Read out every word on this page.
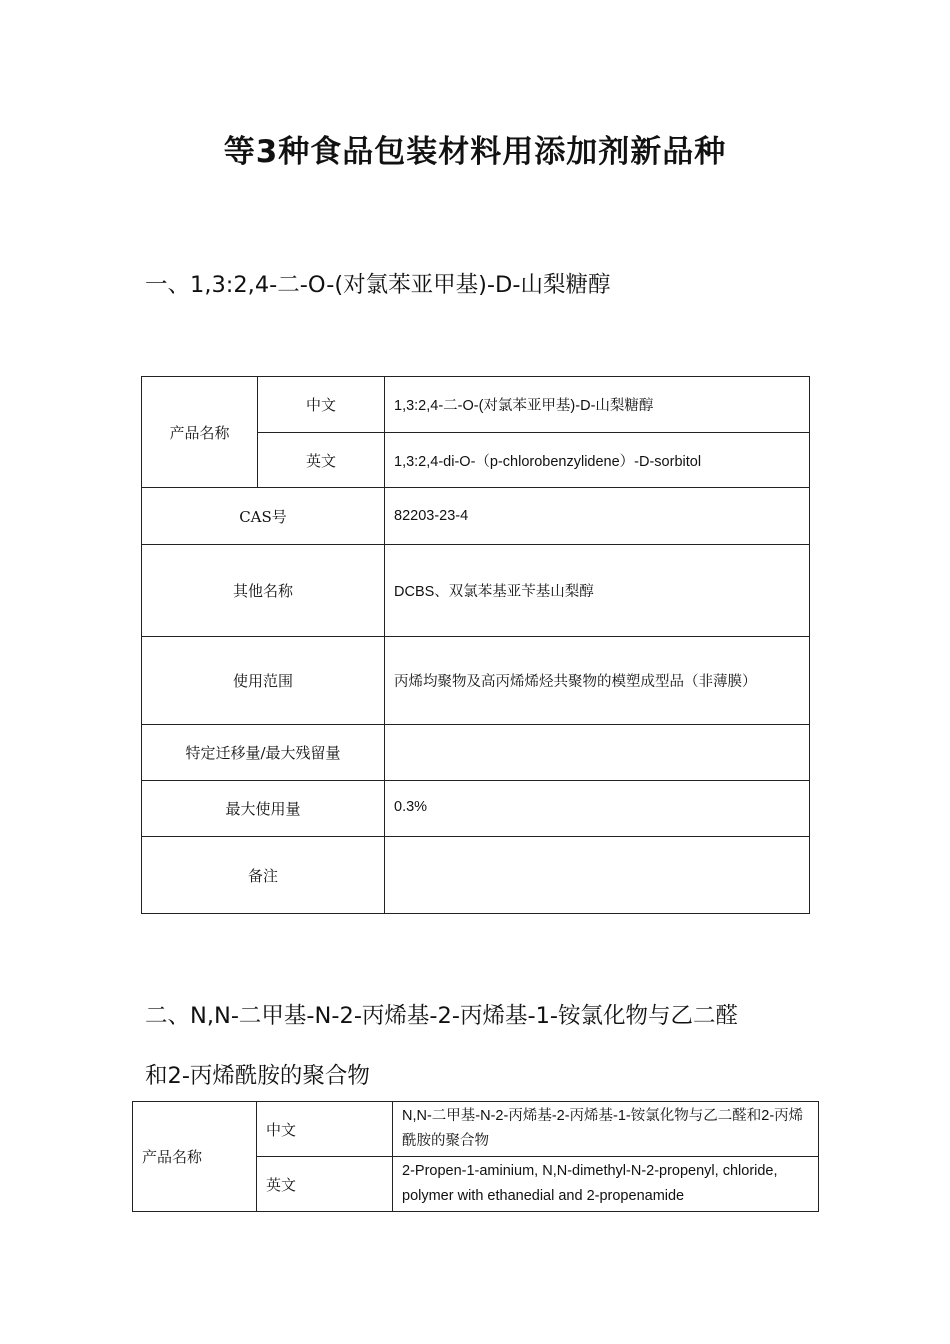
等3种食品包装材料用添加剂新品种
一、1,3:2,4-二-O-(对氯苯亚甲基)-D-山梨糖醇
产品名称	中文	1,3:2,4-二-O-(对氯苯亚甲基)-D-山梨糖醇
	英文	1,3:2,4-di-O-（p-chlorobenzylidene）-D-sorbitol
CAS号		82203-23-4
其他名称		DCBS、双氯苯基亚苄基山梨醇
使用范围		丙烯均聚物及高丙烯烯烃共聚物的模塑成型品（非薄膜）
特定迁移量/最大残留量		
最大使用量		0.3%
备注		
二、N,N-二甲基-N-2-丙烯基-2-丙烯基-1-铵氯化物与乙二醛
和2-丙烯酰胺的聚合物
产品名称	中文	N,N-二甲基-N-2-丙烯基-2-丙烯基-1-铵氯化物与乙二醛和2-丙烯酰胺的聚合物
	英文	2-Propen-1-aminium, N,N-dimethyl-N-2-propenyl, chloride, polymer with ethanedial and 2-propenamide
